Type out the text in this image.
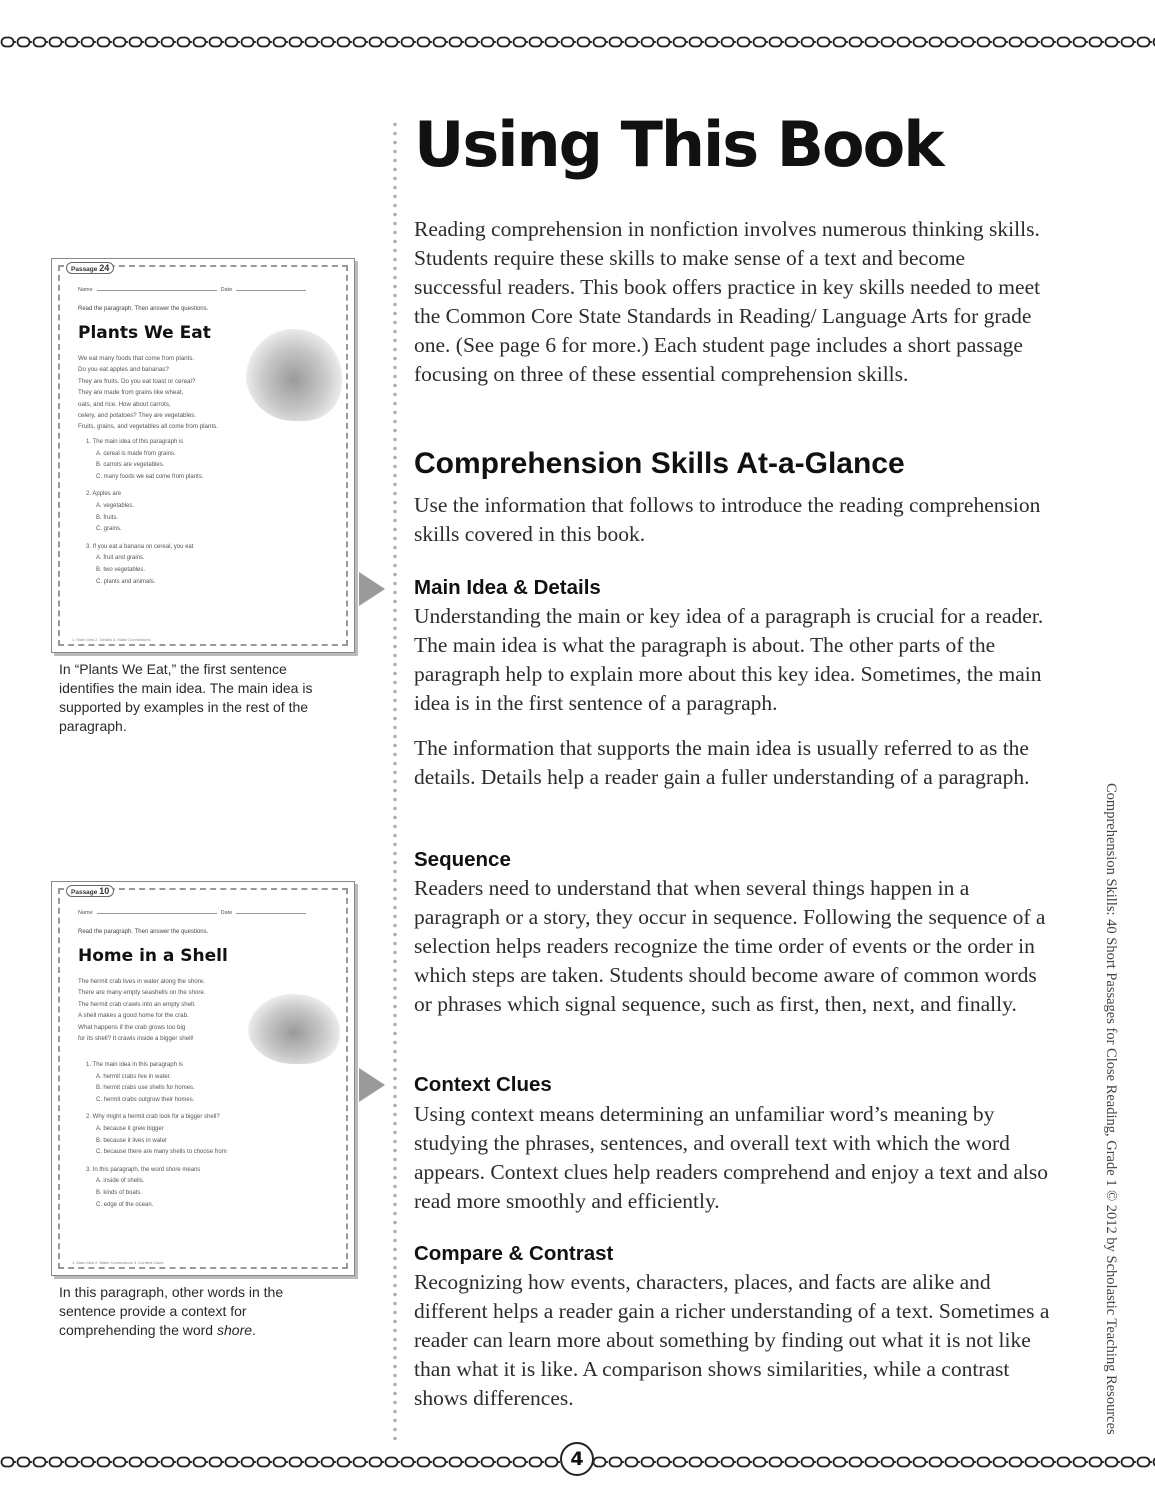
Using This Book

Reading comprehension in nonfiction involves numerous thinking skills. Students require these skills to make sense of a text and become successful readers. This book offers practice in key skills needed to meet the Common Core State Standards in Reading/ Language Arts for grade one. (See page 6 for more.) Each student page includes a short passage focusing on three of these essential comprehension skills.

Comprehension Skills At-a-Glance

Use the information that follows to introduce the reading comprehension skills covered in this book.

Main Idea & Details

Understanding the main or key idea of a paragraph is crucial for a reader. The main idea is what the paragraph is about. The other parts of the paragraph help to explain more about this key idea. Sometimes, the main idea is in the first sentence of a paragraph.

The information that supports the main idea is usually referred to as the details. Details help a reader gain a fuller understanding of a paragraph.

Sequence

Readers need to understand that when several things happen in a paragraph or a story, they occur in sequence. Following the sequence of a selection helps readers recognize the time order of events or the order in which steps are taken. Students should become aware of common words or phrases which signal sequence, such as first, then, next, and finally.

Context Clues

Using context means determining an unfamiliar word’s meaning by studying the phrases, sentences, and overall text with which the word appears. Context clues help readers comprehend and enjoy a text and also read more smoothly and efficiently.

Compare & Contrast

Recognizing how events, characters, places, and facts are alike and different helps a reader gain a richer understanding of a text. Sometimes a reader can learn more about something by finding out what it is not like than what it is like. A comparison shows similarities, while a contrast shows differences.

Passage 24
Name	Date
Read the paragraph. Then answer the questions.
Plants We Eat
We eat many foods that come from plants.
Do you eat apples and bananas?
They are fruits. Do you eat toast or cereal?
They are made from grains like wheat,
oats, and rice. How about carrots,
celery, and potatoes? They are vegetables.
Fruits, grains, and vegetables all come from plants.
1. The main idea of this paragraph is
A. cereal is made from grains.
B. carrots are vegetables.
C. many foods we eat come from plants.
2. Apples are
A. vegetables.
B. fruits.
C. grains.
3. If you eat a banana on cereal, you eat
A. fruit and grains.
B. two vegetables.
C. plants and animals.
1. Main Idea 2. Details 3. Make Connections

In “Plants We Eat,” the first sentence identifies the main idea. The main idea is supported by examples in the rest of the paragraph.

Passage 10
Name	Date
Read the paragraph. Then answer the questions.
Home in a Shell
The hermit crab lives in water along the shore.
There are many empty seashells on the shore.
The hermit crab crawls into an empty shell.
A shell makes a good home for the crab.
What happens if the crab grows too big
for its shell? It crawls inside a bigger shell!
1. The main idea in this paragraph is
A. hermit crabs live in water.
B. hermit crabs use shells for homes.
C. hermit crabs outgrow their homes.
2. Why might a hermit crab look for a bigger shell?
A. because it grew bigger
B. because it lives in water
C. because there are many shells to choose from
3. In this paragraph, the word shore means
A. inside of shells.
B. kinds of boats.
C. edge of the ocean.
1. Main Idea 2. Make Connections 3. Context Clues

In this paragraph, other words in the sentence provide a context for comprehending the word shore.	Comprehension Skills: 40 Short Passages for Close Reading, Grade 1 © 2012 by Scholastic Teaching Resources
4
